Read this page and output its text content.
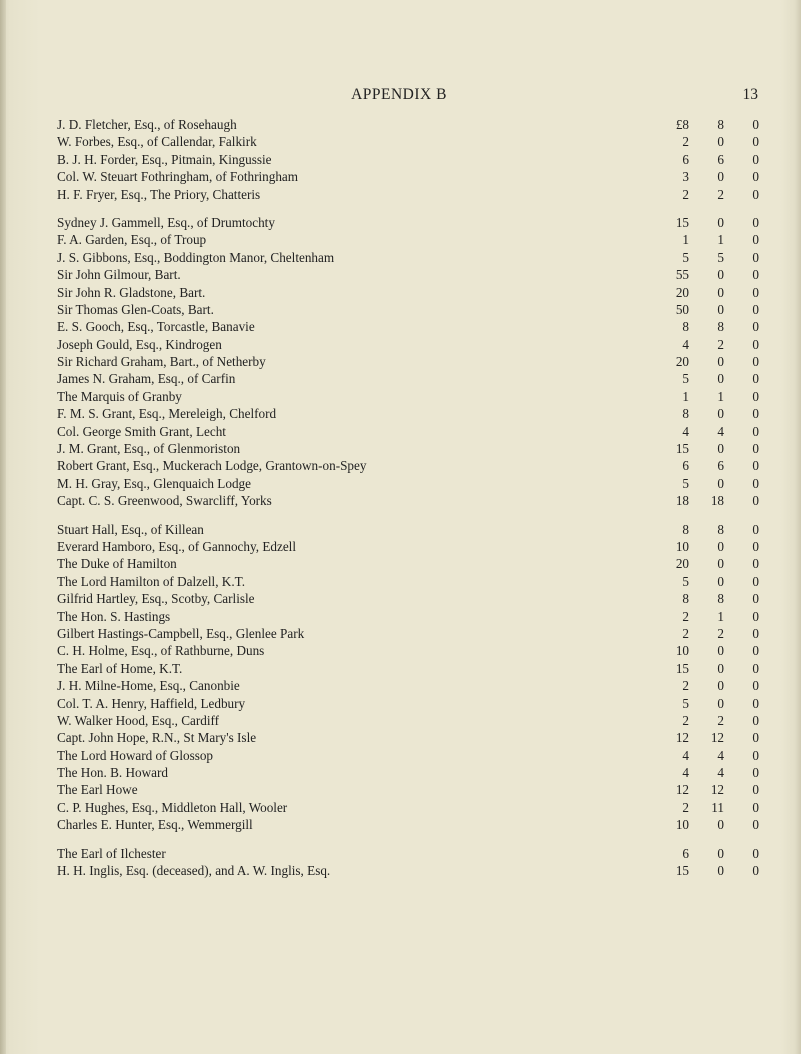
APPENDIX B	13
J. D. Fletcher, Esq., of Rosehaugh	£8	8	0
W. Forbes, Esq., of Callendar, Falkirk	2	0	0
B. J. H. Forder, Esq., Pitmain, Kingussie	6	6	0
Col. W. Steuart Fothringham, of Fothringham	3	0	0
H. F. Fryer, Esq., The Priory, Chatteris	2	2	0
Sydney J. Gammell, Esq., of Drumtochty	15	0	0
F. A. Garden, Esq., of Troup	1	1	0
J. S. Gibbons, Esq., Boddington Manor, Cheltenham	5	5	0
Sir John Gilmour, Bart.	55	0	0
Sir John R. Gladstone, Bart.	20	0	0
Sir Thomas Glen-Coats, Bart.	50	0	0
E. S. Gooch, Esq., Torcastle, Banavie	8	8	0
Joseph Gould, Esq., Kindrogen	4	2	0
Sir Richard Graham, Bart., of Netherby	20	0	0
James N. Graham, Esq., of Carfin	5	0	0
The Marquis of Granby	1	1	0
F. M. S. Grant, Esq., Mereleigh, Chelford	8	0	0
Col. George Smith Grant, Lecht	4	4	0
J. M. Grant, Esq., of Glenmoriston	15	0	0
Robert Grant, Esq., Muckerach Lodge, Grantown-on-Spey	6	6	0
M. H. Gray, Esq., Glenquaich Lodge	5	0	0
Capt. C. S. Greenwood, Swarcliff, Yorks	18	18	0
Stuart Hall, Esq., of Killean	8	8	0
Everard Hamboro, Esq., of Gannochy, Edzell	10	0	0
The Duke of Hamilton	20	0	0
The Lord Hamilton of Dalzell, K.T.	5	0	0
Gilfrid Hartley, Esq., Scotby, Carlisle	8	8	0
The Hon. S. Hastings	2	1	0
Gilbert Hastings-Campbell, Esq., Glenlee Park	2	2	0
C. H. Holme, Esq., of Rathburne, Duns	10	0	0
The Earl of Home, K.T.	15	0	0
J. H. Milne-Home, Esq., Canonbie	2	0	0
Col. T. A. Henry, Haffield, Ledbury	5	0	0
W. Walker Hood, Esq., Cardiff	2	2	0
Capt. John Hope, R.N., St Mary's Isle	12	12	0
The Lord Howard of Glossop	4	4	0
The Hon. B. Howard	4	4	0
The Earl Howe	12	12	0
C. P. Hughes, Esq., Middleton Hall, Wooler	2	11	0
Charles E. Hunter, Esq., Wemmergill	10	0	0
The Earl of Ilchester	6	0	0
H. H. Inglis, Esq. (deceased), and A. W. Inglis, Esq.	15	0	0
